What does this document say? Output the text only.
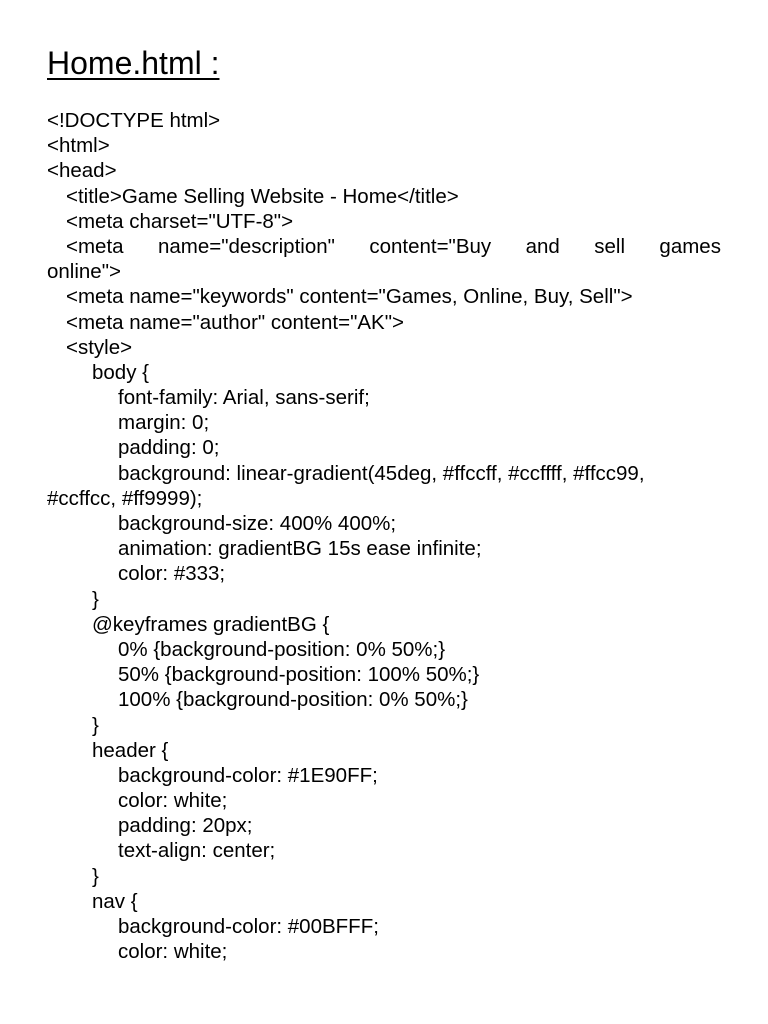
Home.html :
<!DOCTYPE html>
<html>
<head>
<title>Game Selling Website - Home</title>
<meta charset="UTF-8">
<meta name="description" content="Buy and sell games
online">
<meta name="keywords" content="Games, Online, Buy, Sell">
<meta name="author" content="AK">
<style>
body {
font-family: Arial, sans-serif;
margin: 0;
padding: 0;
background: linear-gradient(45deg, #ffccff, #ccffff, #ffcc99,
#ccffcc, #ff9999);
background-size: 400% 400%;
animation: gradientBG 15s ease infinite;
color: #333;
}
@keyframes gradientBG {
0% {background-position: 0% 50%;}
50% {background-position: 100% 50%;}
100% {background-position: 0% 50%;}
}
header {
background-color: #1E90FF;
color: white;
padding: 20px;
text-align: center;
}
nav {
background-color: #00BFFF;
color: white;
